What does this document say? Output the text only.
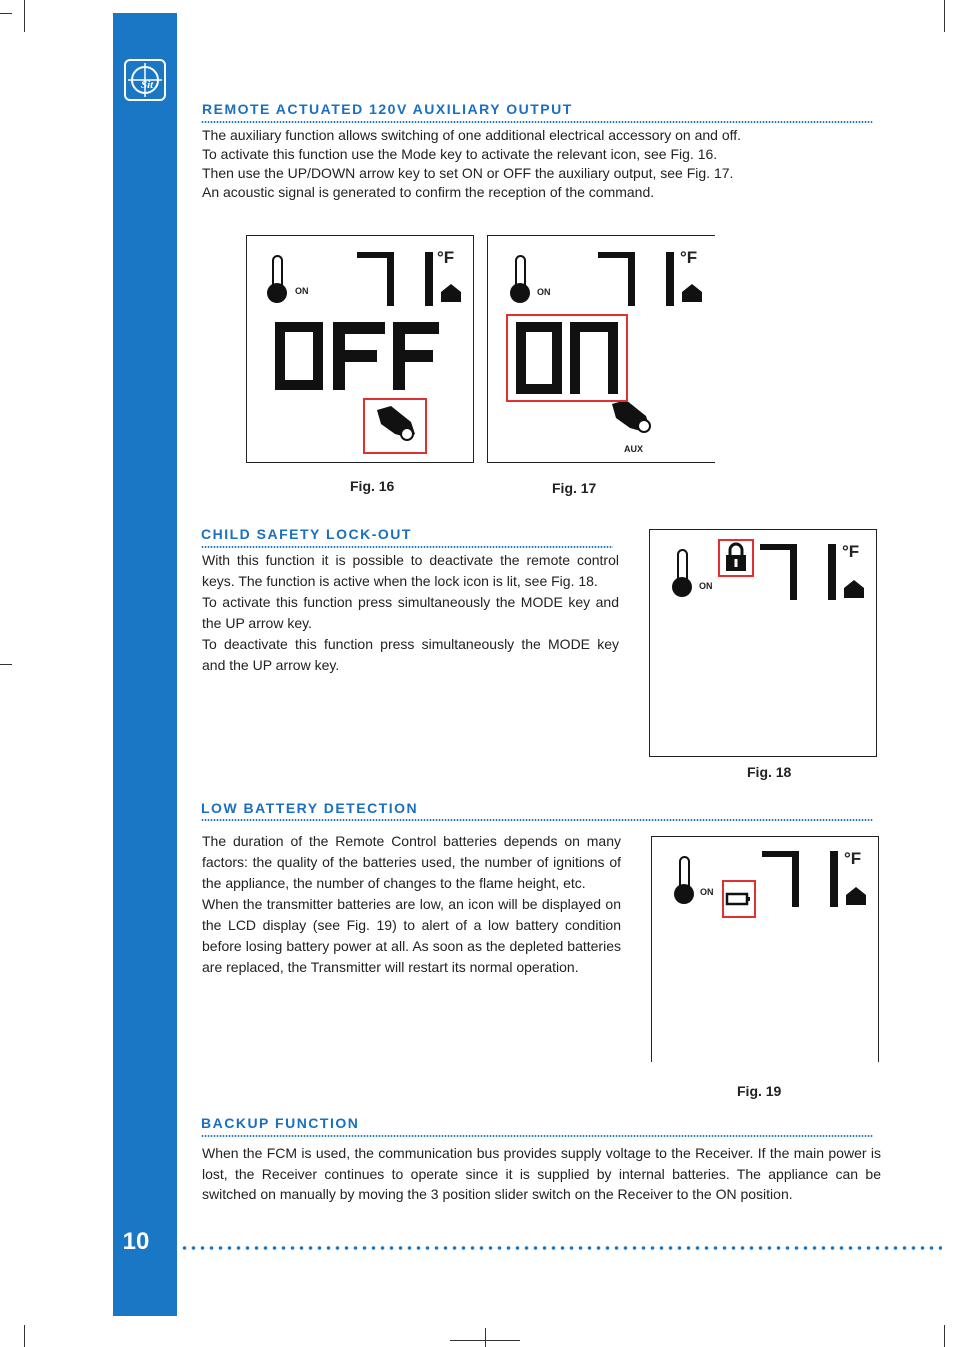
Sit
10
REMOTE ACTUATED 120V AUXILIARY OUTPUT
The auxiliary function allows switching of one additional electrical accessory on and off.
To activate this function use the Mode key to activate the relevant icon, see Fig. 16.
Then use the UP/DOWN arrow key to set ON or OFF the auxiliary output, see Fig. 17.
An acoustic signal is generated to confirm the reception of the command.
°F
ON
Fig. 16
°F
ON
AUX
Fig. 17
CHILD SAFETY LOCK-OUT
With this function it is possible to deactivate the remote control keys. The function is active when the lock icon is lit, see Fig. 18.
To activate this function press simultaneously the MODE key and the UP arrow key.
To deactivate this function press simultaneously the MODE key and the UP arrow key.
°F
ON
Fig. 18
LOW BATTERY DETECTION
The duration of the Remote Control batteries depends on many factors: the quality of the batteries used, the number of ignitions of the appliance, the number of changes to the flame height, etc.
When the transmitter batteries are low, an icon will be displayed on the LCD display (see Fig. 19) to alert of a low battery condition before losing battery power at all. As soon as the depleted batteries are replaced, the Transmitter will restart its normal operation.
°F
ON
Fig. 19
BACKUP FUNCTION
When the FCM is used, the communication bus provides supply voltage to the Receiver. If the main power is lost, the Receiver continues to operate since it is supplied by internal batteries. The appliance can be switched on manually by moving the 3 position slider switch on the Receiver to the ON position.
